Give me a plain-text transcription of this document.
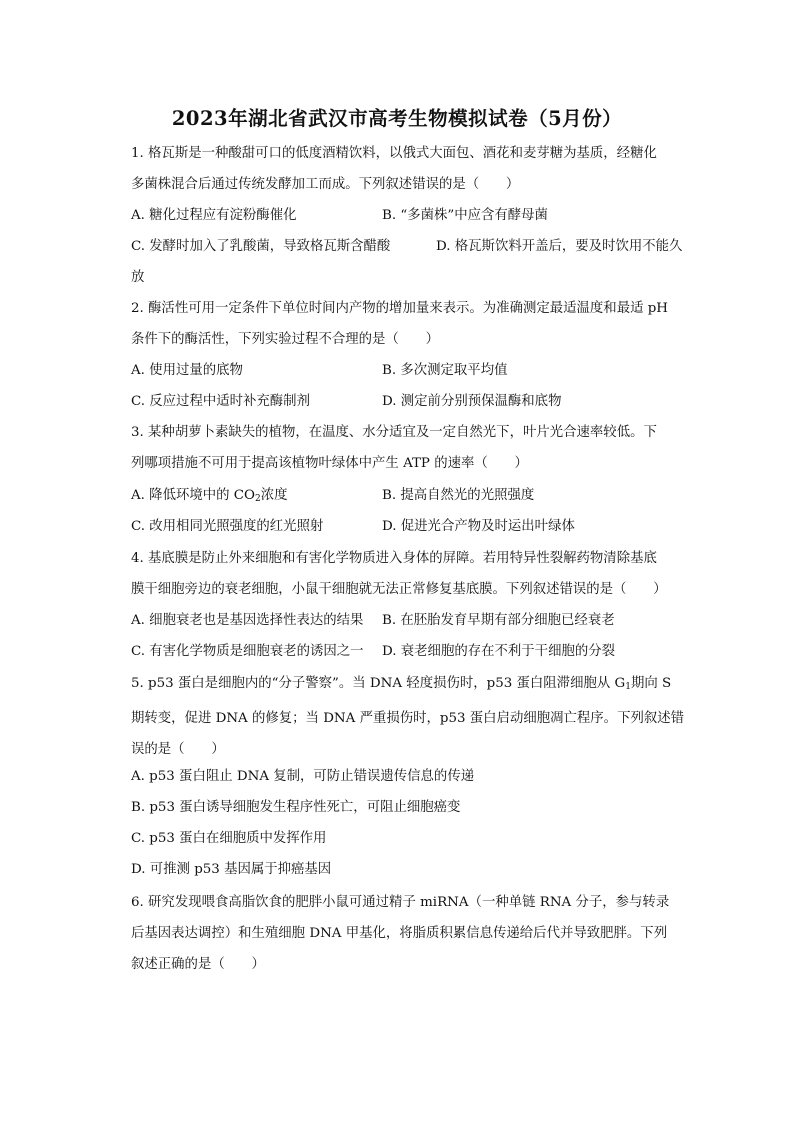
2023年湖北省武汉市高考生物模拟试卷（5月份）

1. 格瓦斯是一种酸甜可口的低度酒精饮料，以俄式大面包、酒花和麦芽糖为基质，经糖化

多菌株混合后通过传统发酵加工而成。下列叙述错误的是（　　）

A. 糖化过程应有淀粉酶催化	B. “多菌株”中应含有酵母菌
C. 发酵时加入了乳酸菌，导致格瓦斯含醋酸	D. 格瓦斯饮料开盖后，要及时饮用不能久
放

2. 酶活性可用一定条件下单位时间内产物的增加量来表示。为准确测定最适温度和最适 pH

条件下的酶活性，下列实验过程不合理的是（　　）

A. 使用过量的底物	B. 多次测定取平均值
C. 反应过程中适时补充酶制剂	D. 测定前分别预保温酶和底物

3. 某种胡萝卜素缺失的植物，在温度、水分适宜及一定自然光下，叶片光合速率较低。下

列哪项措施不可用于提高该植物叶绿体中产生 ATP 的速率（　　）

A. 降低环境中的 $CO_2$浓度	B. 提高自然光的光照强度
C. 改用相同光照强度的红光照射	D. 促进光合产物及时运出叶绿体

4. 基底膜是防止外来细胞和有害化学物质进入身体的屏障。若用特异性裂解药物清除基底

膜干细胞旁边的衰老细胞，小鼠干细胞就无法正常修复基底膜。下列叙述错误的是（　　）

A. 细胞衰老也是基因选择性表达的结果 B. 在胚胎发育早期有部分细胞已经衰老
C. 有害化学物质是细胞衰老的诱因之一 D. 衰老细胞的存在不利于干细胞的分裂

5. p53 蛋白是细胞内的“分子警察”。当 DNA 轻度损伤时，p53 蛋白阻滞细胞从 $G_1$期向 S

期转变，促进 DNA 的修复；当 DNA 严重损伤时，p53 蛋白启动细胞凋亡程序。下列叙述错

误的是（　　）

A. p53 蛋白阻止 DNA 复制，可防止错误遗传信息的传递
B. p53 蛋白诱导细胞发生程序性死亡，可阻止细胞癌变
C. p53 蛋白在细胞质中发挥作用
D. 可推测 p53 基因属于抑癌基因

6. 研究发现喂食高脂饮食的肥胖小鼠可通过精子 miRNA（一种单链 RNA 分子，参与转录

后基因表达调控）和生殖细胞 DNA 甲基化，将脂质积累信息传递给后代并导致肥胖。下列

叙述正确的是（　　）
